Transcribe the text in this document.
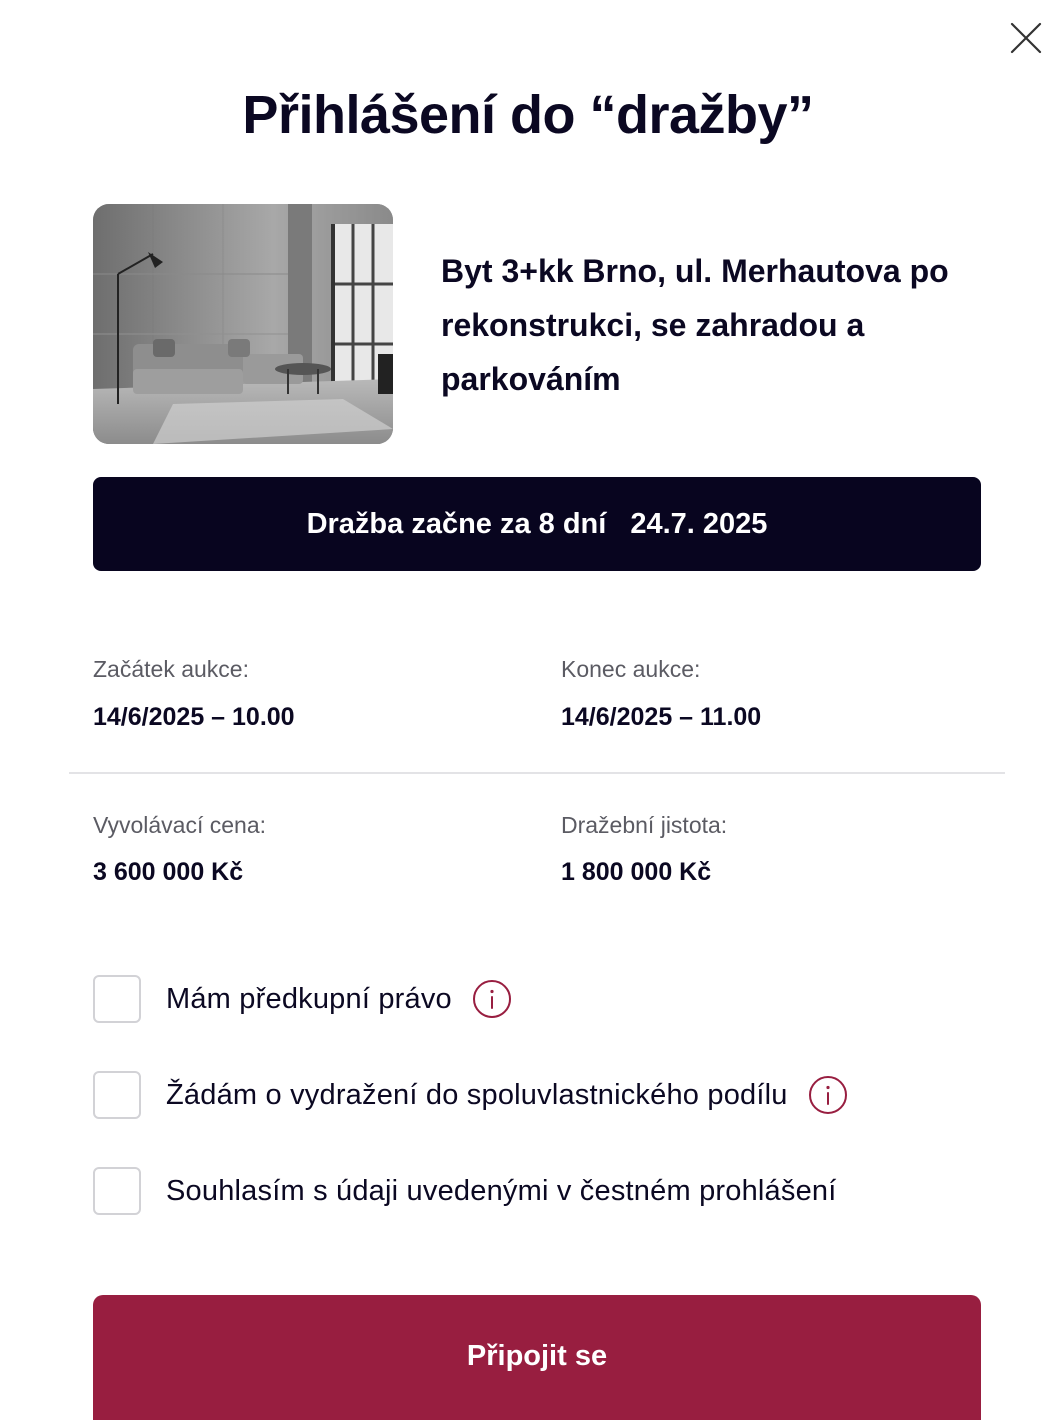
Přihlášení do “dražby”
Byt 3+kk Brno, ul. Merhautova po rekonstrukci, se zahradou a parkováním
Dražba začne za 8 dní 24.7. 2025
Začátek aukce:
14/6/2025 – 10.00
Konec aukce:
14/6/2025 – 11.00
Vyvolávací cena:
3 600 000 Kč
Dražební jistota:
1 800 000 Kč
Mám předkupní právo
Žádám o vydražení do spoluvlastnického podílu
Souhlasím s údaji uvedenými v čestném prohlášení
Připojit se
